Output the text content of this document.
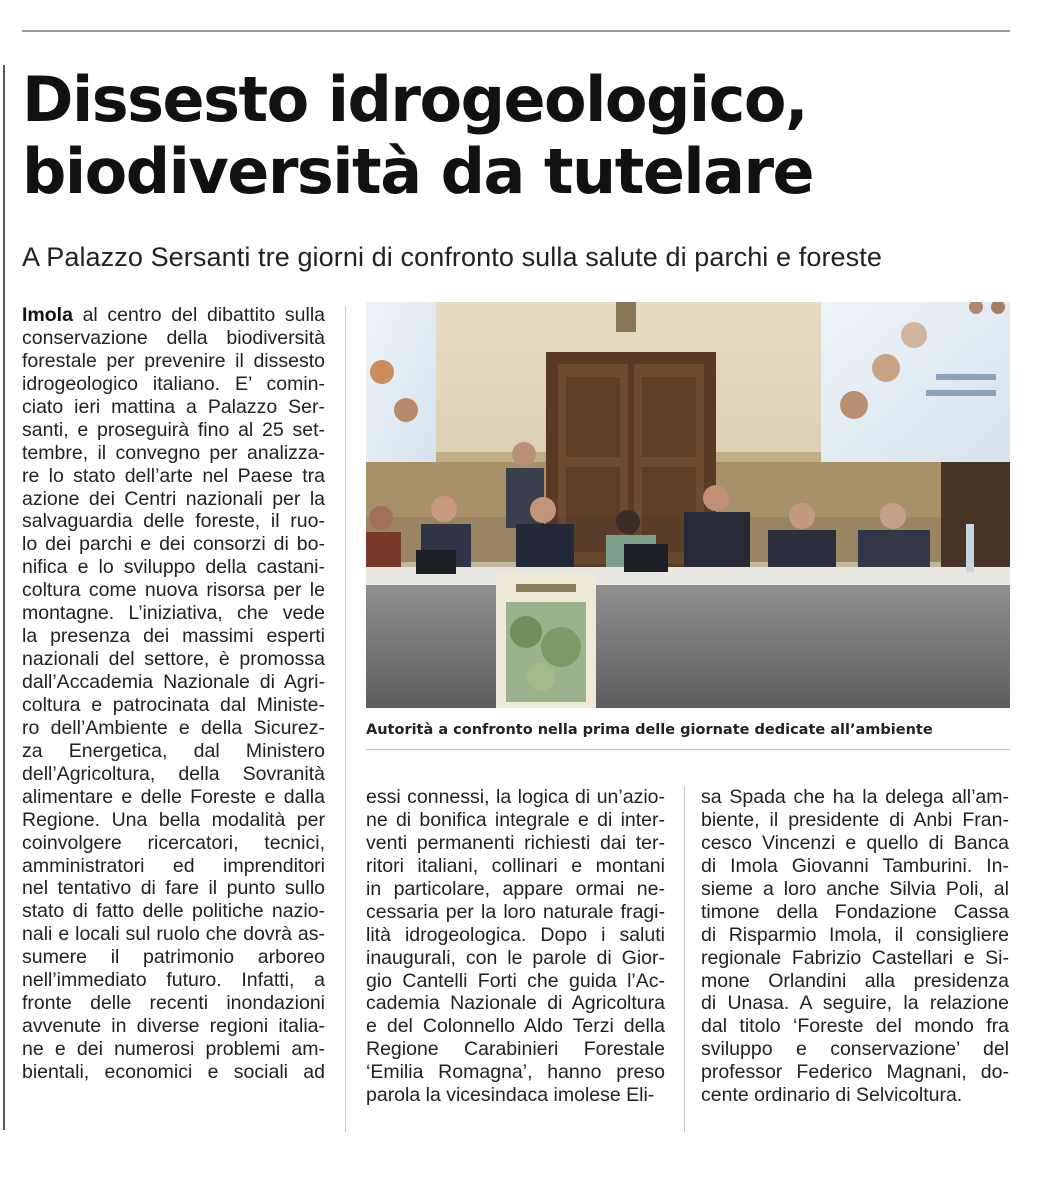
Dissesto idrogeologico,
biodiversità da tutelare
A Palazzo Sersanti tre giorni di confronto sulla salute di parchi e foreste
Imola al centro del dibattito sulla
conservazione della biodiversità
forestale per prevenire il dissesto
idrogeologico italiano. E’ comin-
ciato ieri mattina a Palazzo Ser-
santi, e proseguirà fino al 25 set-
tembre, il convegno per analizza-
re lo stato dell’arte nel Paese tra
azione dei Centri nazionali per la
salvaguardia delle foreste, il ruo-
lo dei parchi e dei consorzi di bo-
nifica e lo sviluppo della castani-
coltura come nuova risorsa per le
montagne. L’iniziativa, che vede
la presenza dei massimi esperti
nazionali del settore, è promossa
dall’Accademia Nazionale di Agri-
coltura e patrocinata dal Ministe-
ro dell’Ambiente e della Sicurez-
za Energetica, dal Ministero
dell’Agricoltura, della Sovranità
alimentare e delle Foreste e dalla
Regione. Una bella modalità per
coinvolgere ricercatori, tecnici,
amministratori ed imprenditori
nel tentativo di fare il punto sullo
stato di fatto delle politiche nazio-
nali e locali sul ruolo che dovrà as-
sumere il patrimonio arboreo
nell’immediato futuro. Infatti, a
fronte delle recenti inondazioni
avvenute in diverse regioni italia-
ne e dei numerosi problemi am-
bientali, economici e sociali ad

Autorità a confronto nella prima delle giornate dedicate all’ambiente

essi connessi, la logica di un’azio-
ne di bonifica integrale e di inter-
venti permanenti richiesti dai ter-
ritori italiani, collinari e montani
in particolare, appare ormai ne-
cessaria per la loro naturale fragi-
lità idrogeologica. Dopo i saluti
inaugurali, con le parole di Gior-
gio Cantelli Forti che guida l’Ac-
cademia Nazionale di Agricoltura
e del Colonnello Aldo Terzi della
Regione Carabinieri Forestale
‘Emilia Romagna’, hanno preso
parola la vicesindaca imolese Eli-
sa Spada che ha la delega all’am-
biente, il presidente di Anbi Fran-
cesco Vincenzi e quello di Banca
di Imola Giovanni Tamburini. In-
sieme a loro anche Silvia Poli, al
timone della Fondazione Cassa
di Risparmio Imola, il consigliere
regionale Fabrizio Castellari e Si-
mone Orlandini alla presidenza
di Unasa. A seguire, la relazione
dal titolo ‘Foreste del mondo fra
sviluppo e conservazione’ del
professor Federico Magnani, do-
cente ordinario di Selvicoltura.
